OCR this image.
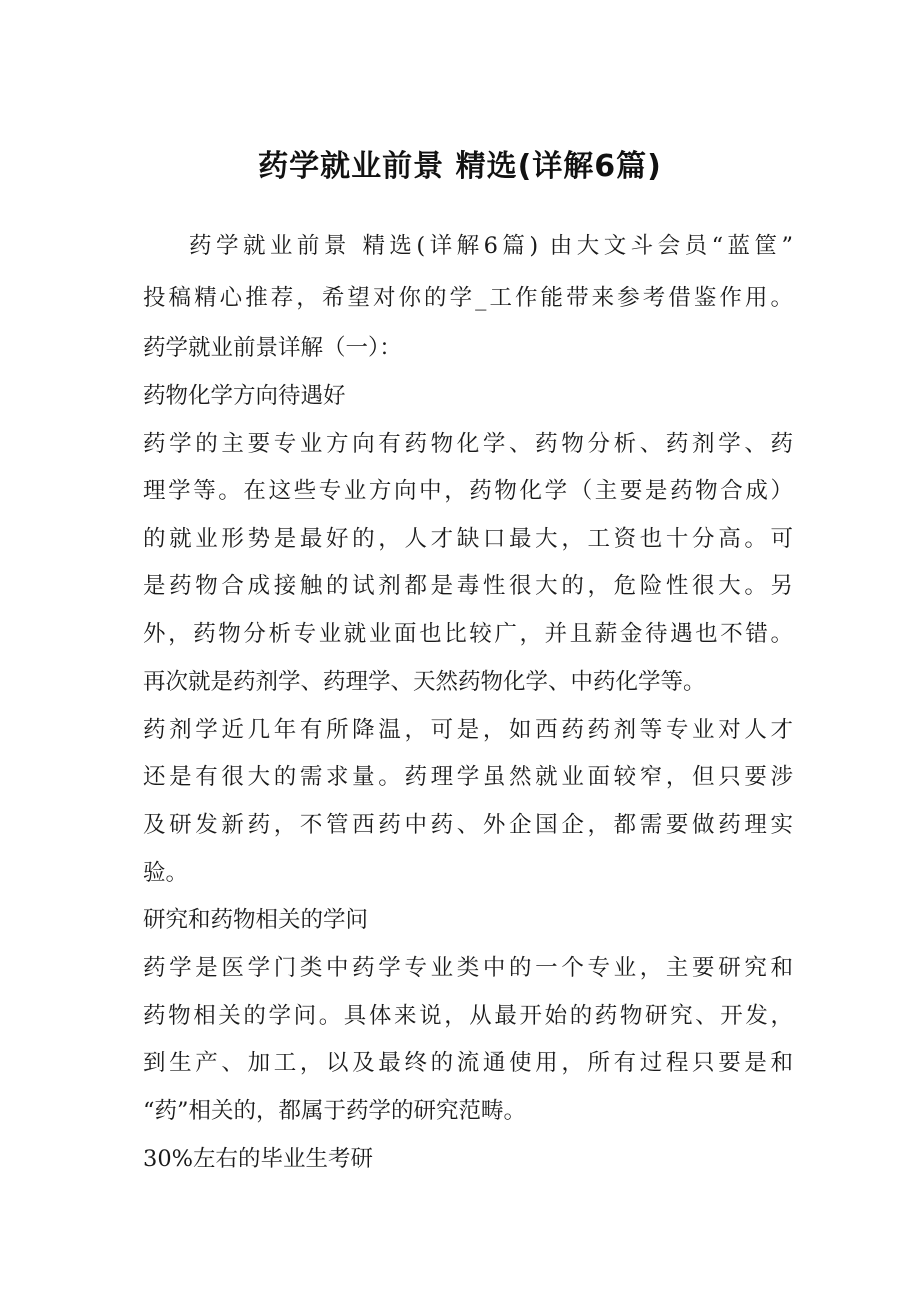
药学就业前景 精选(详解6篇)
药学就业前景 精选(详解6篇) 由大文斗会员“蓝筐”
投稿精心推荐，希望对你的学_工作能带来参考借鉴作用。
药学就业前景详解（一）：
药物化学方向待遇好
药学的主要专业方向有药物化学、药物分析、药剂学、药
理学等。在这些专业方向中，药物化学（主要是药物合成）
的就业形势是最好的，人才缺口最大，工资也十分高。可
是药物合成接触的试剂都是毒性很大的，危险性很大。另
外，药物分析专业就业面也比较广，并且薪金待遇也不错。
再次就是药剂学、药理学、天然药物化学、中药化学等。
药剂学近几年有所降温，可是，如西药药剂等专业对人才
还是有很大的需求量。药理学虽然就业面较窄，但只要涉
及研发新药，不管西药中药、外企国企，都需要做药理实
验。
研究和药物相关的学问
药学是医学门类中药学专业类中的一个专业，主要研究和
药物相关的学问。具体来说，从最开始的药物研究、开发，
到生产、加工，以及最终的流通使用，所有过程只要是和
“药”相关的，都属于药学的研究范畴。
30%左右的毕业生考研
